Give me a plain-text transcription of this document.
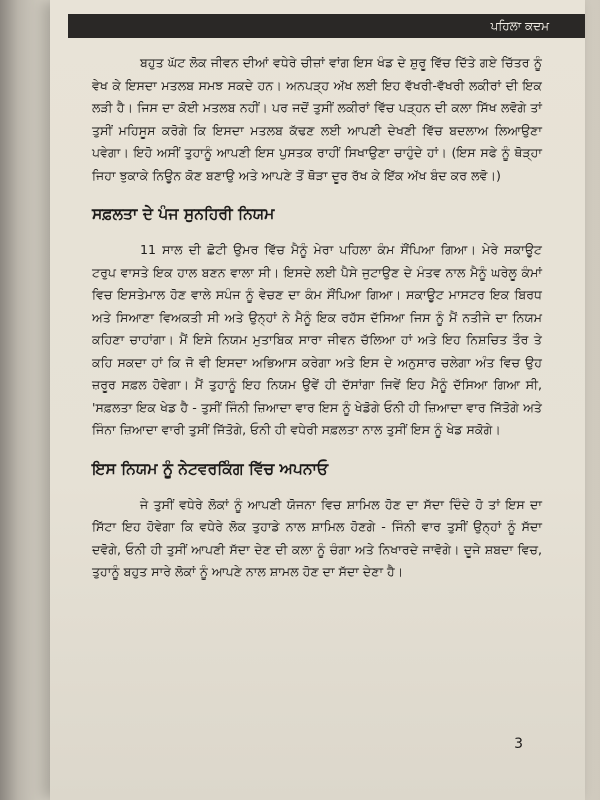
ਪਹਿਲਾ ਕਦਮ

ਬਹੁਤ ਘੱਟ ਲੋਕ ਜੀਵਨ ਦੀਆਂ ਵਧੇਰੇ ਚੀਜ਼ਾਂ ਵਾਂਗ ਇਸ ਖੰਡ ਦੇ ਸ਼ੁਰੂ ਵਿੱਚ ਦਿੱਤੇ ਗਏ ਚਿੱਤਰ ਨੂੰ ਵੇਖ ਕੇ ਇਸਦਾ ਮਤਲਬ ਸਮਝ ਸਕਦੇ ਹਨ। ਅਨਪੜ੍ਹ ਅੱਖ ਲਈ ਇਹ ਵੱਖਰੀ-ਵੱਖਰੀ ਲਕੀਰਾਂ ਦੀ ਇਕ ਲੜੀ ਹੈ। ਜਿਸ ਦਾ ਕੋਈ ਮਤਲਬ ਨਹੀਂ। ਪਰ ਜਦੋਂ ਤੁਸੀਂ ਲਕੀਰਾਂ ਵਿੱਚ ਪੜ੍ਹਨ ਦੀ ਕਲਾ ਸਿੱਖ ਲਵੋਗੇ ਤਾਂ ਤੁਸੀਂ ਮਹਿਸੂਸ ਕਰੋਗੇ ਕਿ ਇਸਦਾ ਮਤਲਬ ਕੱਢਣ ਲਈ ਆਪਣੀ ਦੇਖਣੀ ਵਿੱਚ ਬਦਲਾਅ ਲਿਆਉਣਾ ਪਵੇਗਾ। ਇਹੋ ਅਸੀਂ ਤੁਹਾਨੂੰ ਆਪਣੀ ਇਸ ਪੁਸਤਕ ਰਾਹੀਂ ਸਿਖਾਉਣਾ ਚਾਹੁੰਦੇ ਹਾਂ। (ਇਸ ਸਫੇ ਨੂੰ ਥੋੜ੍ਹਾ ਜਿਹਾ ਝੁਕਾਕੇ ਨਿਊਨ ਕੋਣ ਬਣਾਉ ਅਤੇ ਆਪਣੇ ਤੋਂ ਥੋੜਾ ਦੂਰ ਰੱਖ ਕੇ ਇੱਕ ਅੱਖ ਬੰਦ ਕਰ ਲਵੋ।)

ਸਫ਼ਲਤਾ ਦੇ ਪੰਜ ਸੁਨਹਿਰੀ ਨਿਯਮ

11 ਸਾਲ ਦੀ ਛੋਟੀ ਉਮਰ ਵਿੱਚ ਮੈਨੂੰ ਮੇਰਾ ਪਹਿਲਾ ਕੰਮ ਸੌਂਪਿਆ ਗਿਆ। ਮੇਰੇ ਸਕਾਊਟ ਟਰੁਪ ਵਾਸਤੇ ਇਕ ਹਾਲ ਬਣਨ ਵਾਲਾ ਸੀ। ਇਸਦੇ ਲਈ ਪੈਸੇ ਜੁਟਾਉਣ ਦੇ ਮੰਤਵ ਨਾਲ ਮੈਨੂੰ ਘਰੇਲੂ ਕੰਮਾਂ ਵਿਚ ਇਸਤੇਮਾਲ ਹੋਣ ਵਾਲੇ ਸਪੰਜ ਨੂੰ ਵੇਚਣ ਦਾ ਕੰਮ ਸੌਂਪਿਆ ਗਿਆ। ਸਕਾਊਟ ਮਾਸਟਰ ਇਕ ਬਿਰਧ ਅਤੇ ਸਿਆਣਾ ਵਿਅਕਤੀ ਸੀ ਅਤੇ ਉਨ੍ਹਾਂ ਨੇ ਮੈਨੂੰ ਇਕ ਰਹੱਸ ਦੱਸਿਆ ਜਿਸ ਨੂੰ ਮੈਂ ਨਤੀਜੇ ਦਾ ਨਿਯਮ ਕਹਿਣਾ ਚਾਹਾਂਗਾ। ਮੈਂ ਇਸੇ ਨਿਯਮ ਮੁਤਾਬਿਕ ਸਾਰਾ ਜੀਵਨ ਚੱਲਿਆ ਹਾਂ ਅਤੇ ਇਹ ਨਿਸ਼ਚਿਤ ਤੌਰ ਤੇ ਕਹਿ ਸਕਦਾ ਹਾਂ ਕਿ ਜੋ ਵੀ ਇਸਦਾ ਅਭਿਆਸ ਕਰੇਗਾ ਅਤੇ ਇਸ ਦੇ ਅਨੁਸਾਰ ਚਲੇਗਾ ਅੰਤ ਵਿਚ ਉਹ ਜ਼ਰੂਰ ਸਫ਼ਲ ਹੋਵੇਗਾ। ਮੈਂ ਤੁਹਾਨੂੰ ਇਹ ਨਿਯਮ ਉਵੇਂ ਹੀ ਦੱਸਾਂਗਾ ਜਿਵੇਂ ਇਹ ਮੈਨੂੰ ਦੱਸਿਆ ਗਿਆ ਸੀ, 'ਸਫ਼ਲਤਾ ਇਕ ਖੇਡ ਹੈ - ਤੁਸੀਂ ਜਿੰਨੀ ਜ਼ਿਆਦਾ ਵਾਰ ਇਸ ਨੂੰ ਖੇਡੋਗੇ ਓਨੀ ਹੀ ਜ਼ਿਆਦਾ ਵਾਰ ਜਿੱਤੋਗੇ ਅਤੇ ਜਿੰਨਾ ਜ਼ਿਆਦਾ ਵਾਰੀ ਤੁਸੀਂ ਜਿੱਤੋਗੇ, ਓਨੀ ਹੀ ਵਧੇਰੀ ਸਫ਼ਲਤਾ ਨਾਲ ਤੁਸੀਂ ਇਸ ਨੂੰ ਖੇਡ ਸਕੋਗੇ।

ਇਸ ਨਿਯਮ ਨੂੰ ਨੇਟਵਰਕਿੰਗ ਵਿੱਚ ਅਪਨਾਓ

ਜੇ ਤੁਸੀਂ ਵਧੇਰੇ ਲੋਕਾਂ ਨੂੰ ਆਪਣੀ ਯੋਜਨਾ ਵਿਚ ਸ਼ਾਮਿਲ ਹੋਣ ਦਾ ਸੱਦਾ ਦਿੰਦੇ ਹੋ ਤਾਂ ਇਸ ਦਾ ਸਿੱਟਾ ਇਹ ਹੋਵੇਗਾ ਕਿ ਵਧੇਰੇ ਲੋਕ ਤੁਹਾਡੇ ਨਾਲ ਸ਼ਾਮਿਲ ਹੋਣਗੇ - ਜਿੰਨੀ ਵਾਰ ਤੁਸੀਂ ਉਨ੍ਹਾਂ ਨੂੰ ਸੱਦਾ ਦਵੋਗੇ, ਓਨੀ ਹੀ ਤੁਸੀਂ ਆਪਣੀ ਸੱਦਾ ਦੇਣ ਦੀ ਕਲਾ ਨੂੰ ਚੰਗਾ ਅਤੇ ਨਿਖਾਰਦੇ ਜਾਵੋਗੇ। ਦੂਜੇ ਸ਼ਬਦਾ ਵਿਚ, ਤੁਹਾਨੂੰ ਬਹੁਤ ਸਾਰੇ ਲੋਕਾਂ ਨੂੰ ਆਪਣੇ ਨਾਲ ਸ਼ਾਮਲ ਹੋਣ ਦਾ ਸੱਦਾ ਦੇਣਾ ਹੈ।

3
